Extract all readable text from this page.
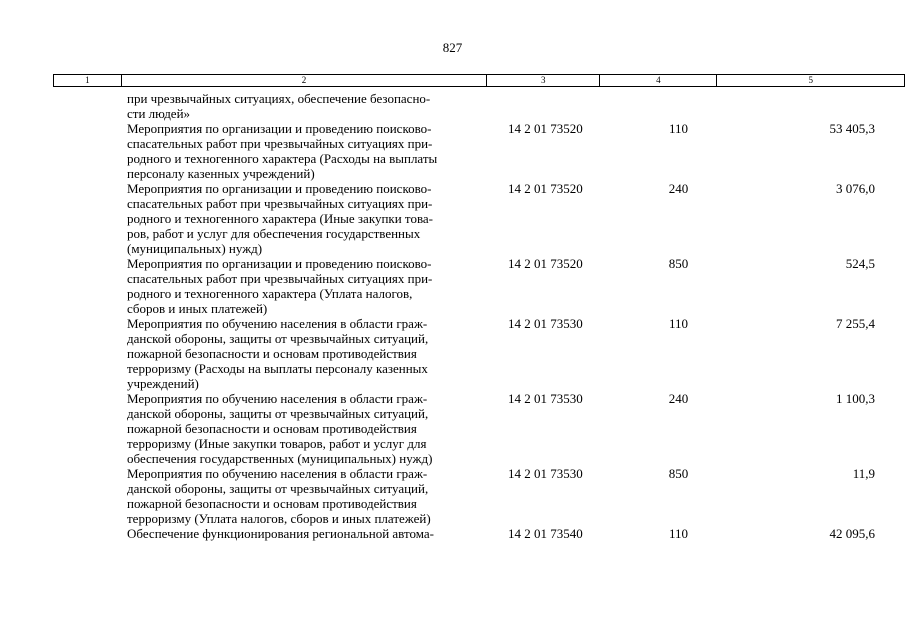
827
1	2	3	4	5
при чрезвычайных ситуациях, обеспечение безопасно-
сти людей»
Мероприятия по организации и проведению поисково-
спасательных работ при чрезвычайных ситуациях при-
родного и техногенного характера (Расходы на выплаты
персоналу казенных учреждений)
14 2 01 73520	110	53 405,3
Мероприятия по организации и проведению поисково-
спасательных работ при чрезвычайных ситуациях при-
родного и техногенного характера (Иные закупки това-
ров, работ и услуг для обеспечения государственных
(муниципальных) нужд)
14 2 01 73520	240	3 076,0
Мероприятия по организации и проведению поисково-
спасательных работ при чрезвычайных ситуациях при-
родного и техногенного характера (Уплата налогов,
сборов и иных платежей)
14 2 01 73520	850	524,5
Мероприятия по обучению населения в области граж-
данской обороны, защиты от чрезвычайных ситуаций,
пожарной безопасности и основам противодействия
терроризму (Расходы на выплаты персоналу казенных
учреждений)
14 2 01 73530	110	7 255,4
Мероприятия по обучению населения в области граж-
данской обороны, защиты от чрезвычайных ситуаций,
пожарной безопасности и основам противодействия
терроризму (Иные закупки товаров, работ и услуг для
обеспечения государственных (муниципальных) нужд)
14 2 01 73530	240	1 100,3
Мероприятия по обучению населения в области граж-
данской обороны, защиты от чрезвычайных ситуаций,
пожарной безопасности и основам противодействия
терроризму (Уплата налогов, сборов и иных платежей)
14 2 01 73530	850	11,9
Обеспечение функционирования региональной автома-	14 2 01 73540	110	42 095,6
